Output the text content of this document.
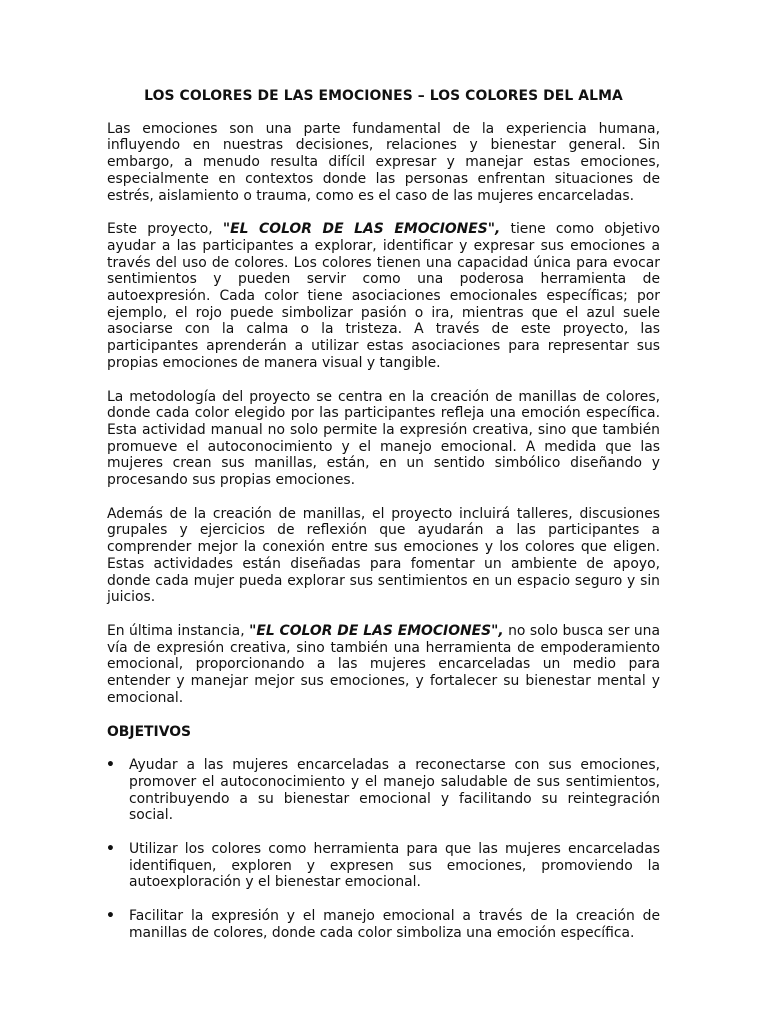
LOS COLORES DE LAS EMOCIONES – LOS COLORES DEL ALMA

Las emociones son una parte fundamental de la experiencia humana, influyendo en nuestras decisiones, relaciones y bienestar general. Sin embargo, a menudo resulta difícil expresar y manejar estas emociones, especialmente en contextos donde las personas enfrentan situaciones de estrés, aislamiento o trauma, como es el caso de las mujeres encarceladas.

Este proyecto, "EL COLOR DE LAS EMOCIONES", tiene como objetivo ayudar a las participantes a explorar, identificar y expresar sus emociones a través del uso de colores. Los colores tienen una capacidad única para evocar sentimientos y pueden servir como una poderosa herramienta de autoexpresión. Cada color tiene asociaciones emocionales específicas; por ejemplo, el rojo puede simbolizar pasión o ira, mientras que el azul suele asociarse con la calma o la tristeza. A través de este proyecto, las participantes aprenderán a utilizar estas asociaciones para representar sus propias emociones de manera visual y tangible.

La metodología del proyecto se centra en la creación de manillas de colores, donde cada color elegido por las participantes refleja una emoción específica. Esta actividad manual no solo permite la expresión creativa, sino que también promueve el autoconocimiento y el manejo emocional. A medida que las mujeres crean sus manillas, están, en un sentido simbólico diseñando y procesando sus propias emociones.

Además de la creación de manillas, el proyecto incluirá talleres, discusiones grupales y ejercicios de reflexión que ayudarán a las participantes a comprender mejor la conexión entre sus emociones y los colores que eligen. Estas actividades están diseñadas para fomentar un ambiente de apoyo, donde cada mujer pueda explorar sus sentimientos en un espacio seguro y sin juicios.

En última instancia, "EL COLOR DE LAS EMOCIONES", no solo busca ser una vía de expresión creativa, sino también una herramienta de empoderamiento emocional, proporcionando a las mujeres encarceladas un medio para entender y manejar mejor sus emociones, y fortalecer su bienestar mental y emocional.

OBJETIVOS
• Ayudar a las mujeres encarceladas a reconectarse con sus emociones, promover el autoconocimiento y el manejo saludable de sus sentimientos, contribuyendo a su bienestar emocional y facilitando su reintegración social.
• Utilizar los colores como herramienta para que las mujeres encarceladas identifiquen, exploren y expresen sus emociones, promoviendo la autoexploración y el bienestar emocional.
• Facilitar la expresión y el manejo emocional a través de la creación de manillas de colores, donde cada color simboliza una emoción específica.
